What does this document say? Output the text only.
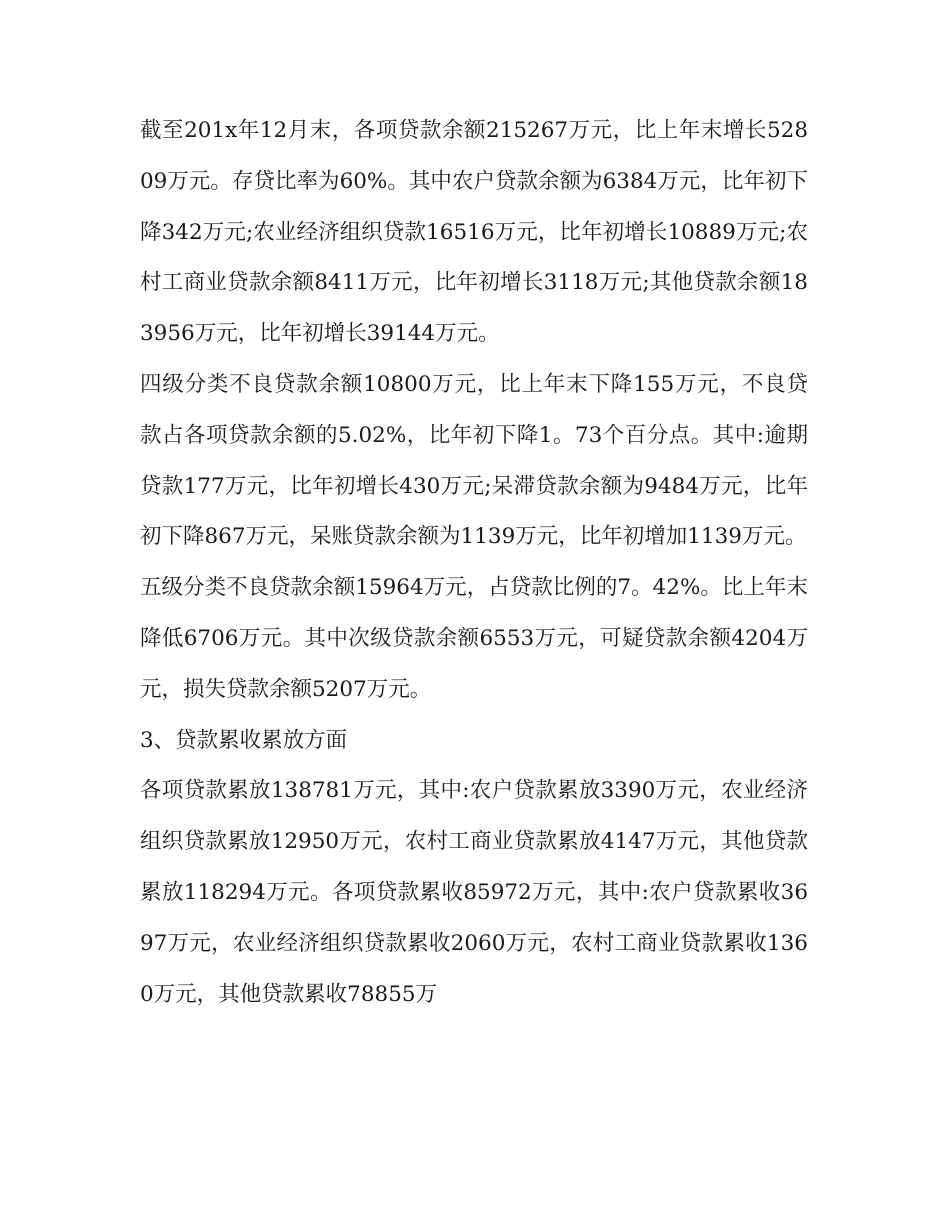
截至201x年12月末，各项贷款余额215267万元，比上年末增长52809万元。存贷比率为60%。其中农户贷款余额为6384万元，比年初下降342万元;农业经济组织贷款16516万元，比年初增长10889万元;农村工商业贷款余额8411万元，比年初增长3118万元;其他贷款余额183956万元，比年初增长39144万元。

四级分类不良贷款余额10800万元，比上年末下降155万元，不良贷款占各项贷款余额的5.02%，比年初下降1。73个百分点。其中:逾期贷款177万元，比年初增长430万元;呆滞贷款余额为9484万元，比年初下降867万元，呆账贷款余额为1139万元，比年初增加1139万元。

五级分类不良贷款余额15964万元，占贷款比例的7。42%。比上年末降低6706万元。其中次级贷款余额6553万元，可疑贷款余额4204万元，损失贷款余额5207万元。

3、贷款累收累放方面

各项贷款累放138781万元，其中:农户贷款累放3390万元，农业经济组织贷款累放12950万元，农村工商业贷款累放4147万元，其他贷款累放118294万元。各项贷款累收85972万元，其中:农户贷款累收3697万元，农业经济组织贷款累收2060万元，农村工商业贷款累收1360万元，其他贷款累收78855万
